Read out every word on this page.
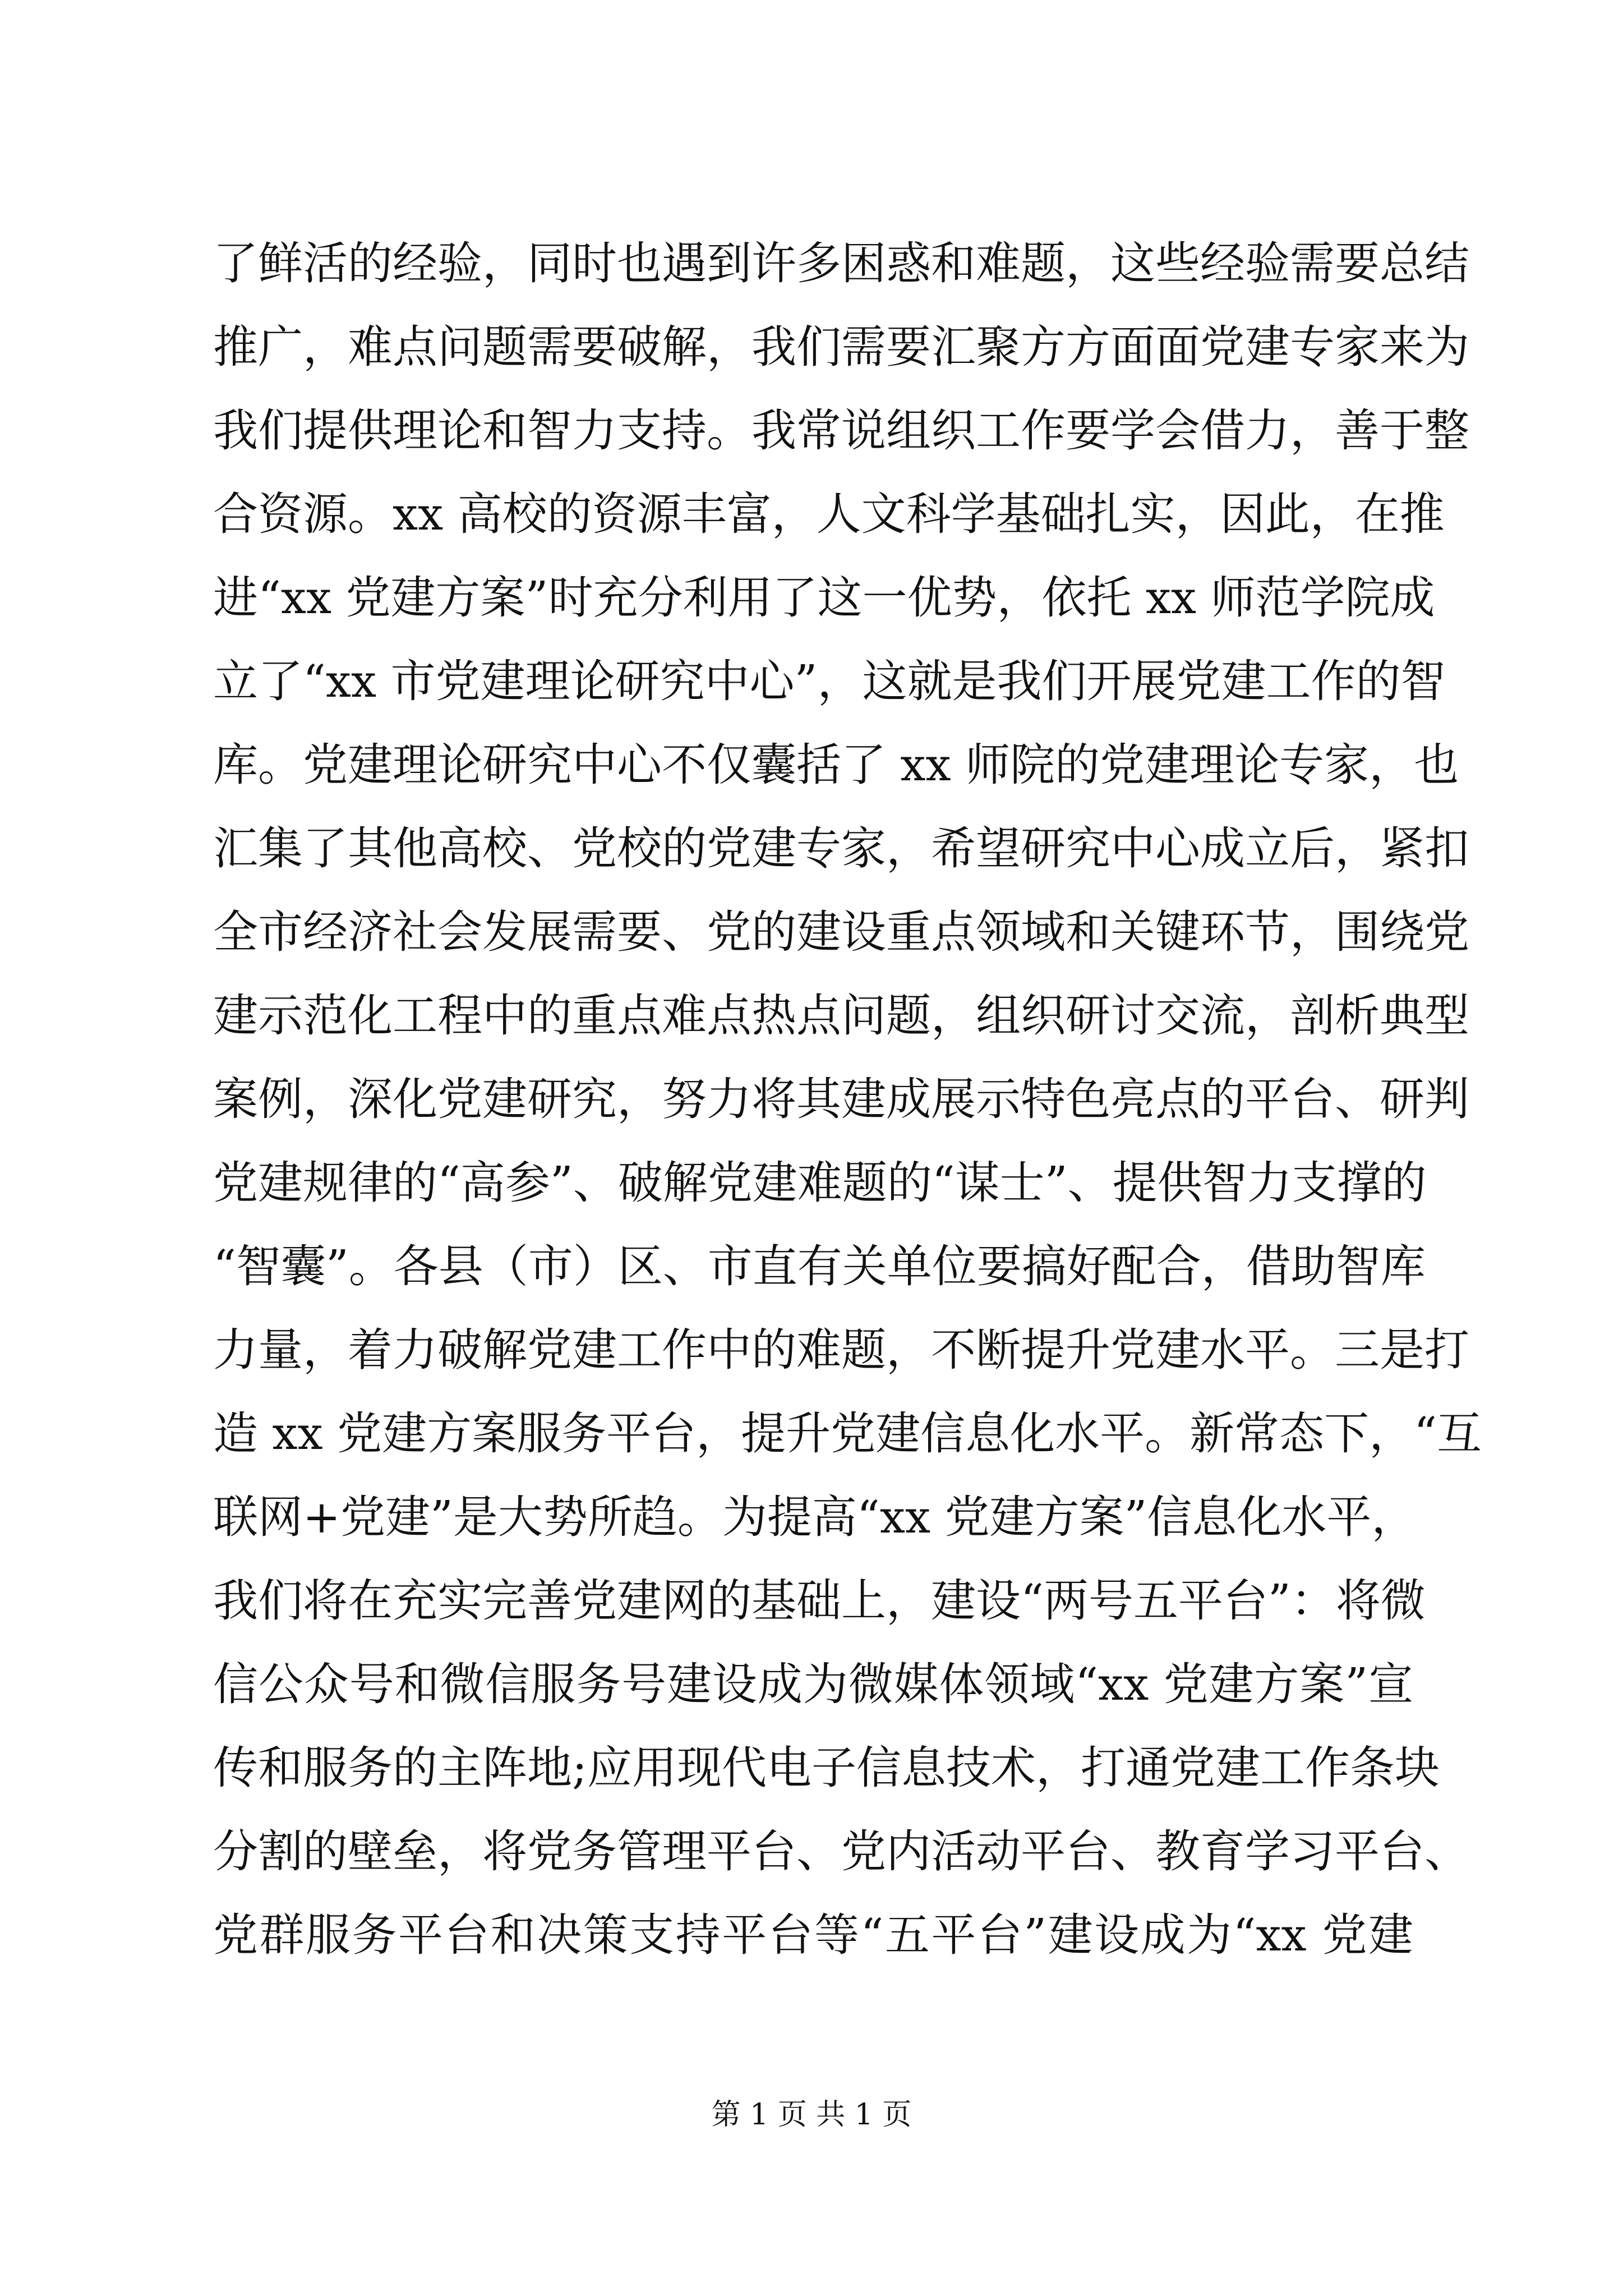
了鲜活的经验，同时也遇到许多困惑和难题，这些经验需要总结
推广，难点问题需要破解，我们需要汇聚方方面面党建专家来为
我们提供理论和智力支持。我常说组织工作要学会借力，善于整
合资源。xx 高校的资源丰富，人文科学基础扎实，因此，在推
进“xx 党建方案”时充分利用了这一优势，依托 xx 师范学院成
立了“xx 市党建理论研究中心”，这就是我们开展党建工作的智
库。党建理论研究中心不仅囊括了 xx 师院的党建理论专家，也
汇集了其他高校、党校的党建专家，希望研究中心成立后，紧扣
全市经济社会发展需要、党的建设重点领域和关键环节，围绕党
建示范化工程中的重点难点热点问题，组织研讨交流，剖析典型
案例，深化党建研究，努力将其建成展示特色亮点的平台、研判
党建规律的“高参”、破解党建难题的“谋士”、提供智力支撑的
“智囊”。各县（市）区、市直有关单位要搞好配合，借助智库
力量，着力破解党建工作中的难题，不断提升党建水平。三是打
造 xx 党建方案服务平台，提升党建信息化水平。新常态下，“互
联网+党建”是大势所趋。为提高“xx 党建方案”信息化水平，
我们将在充实完善党建网的基础上，建设“两号五平台”：将微
信公众号和微信服务号建设成为微媒体领域“xx 党建方案”宣
传和服务的主阵地;应用现代电子信息技术，打通党建工作条块
分割的壁垒，将党务管理平台、党内活动平台、教育学习平台、
党群服务平台和决策支持平台等“五平台”建设成为“xx 党建
第 1 页 共 1 页
